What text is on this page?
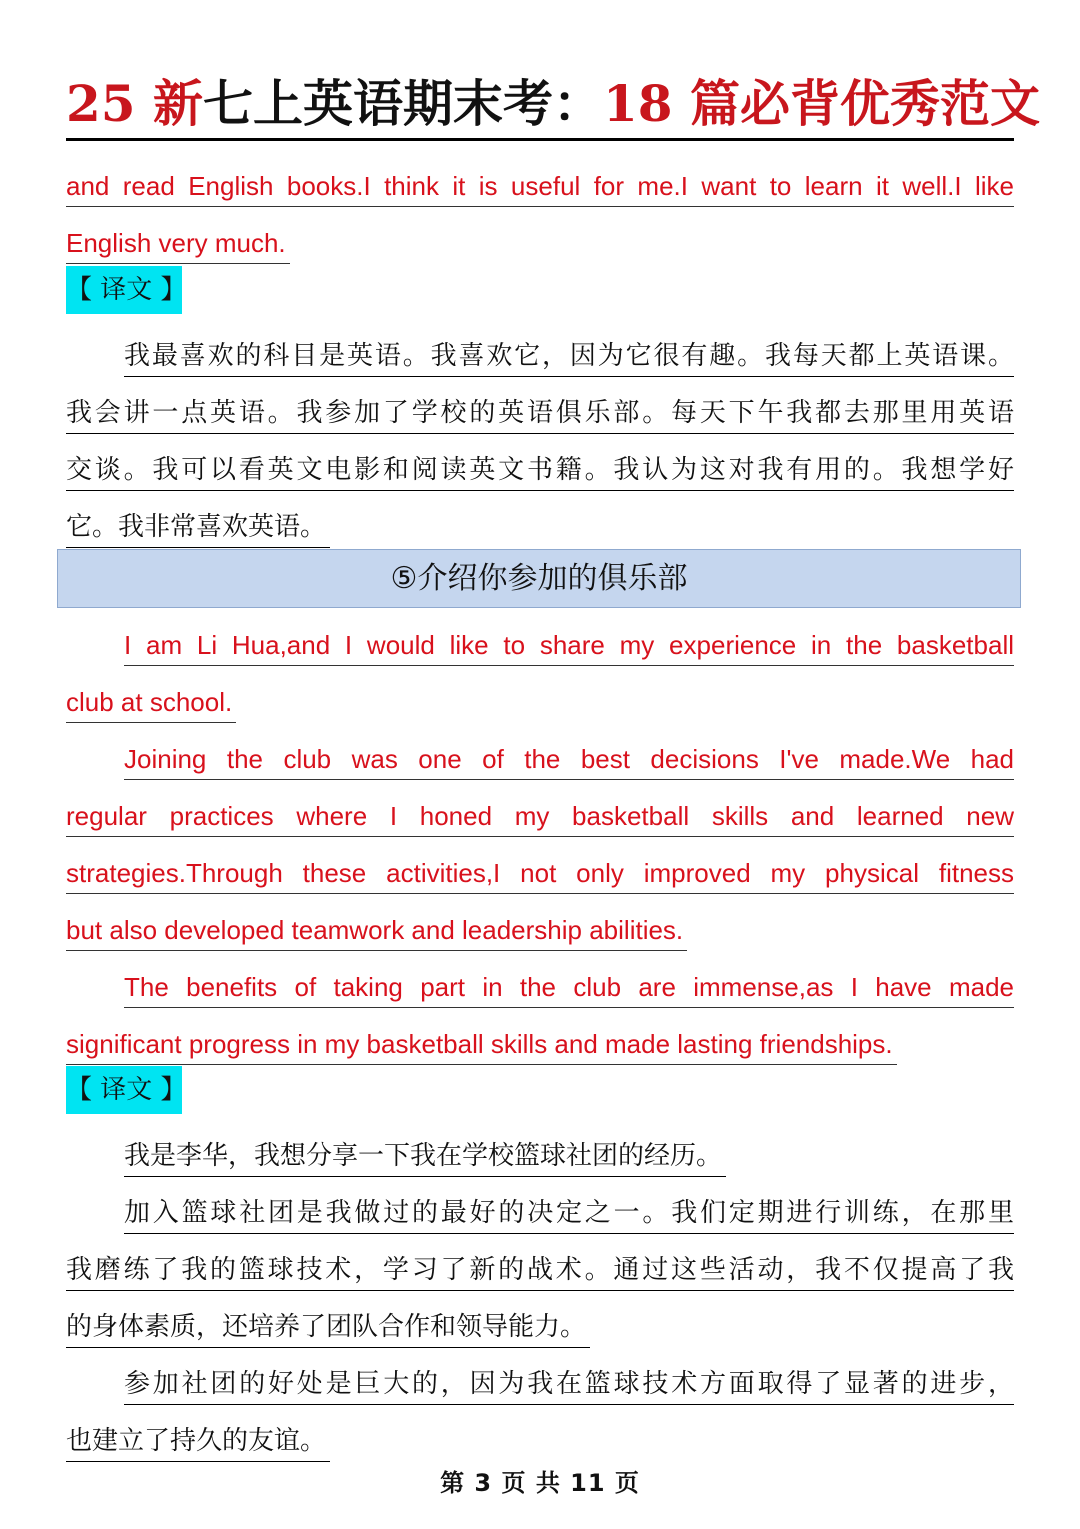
25 新七上英语期末考：18 篇必背优秀范文
and read English books.I think it is useful for me.I want to learn it well.I like
English very much.
【 译文 】
我最喜欢的科目是英语。我喜欢它，因为它很有趣。我每天都上英语课。
我会讲一点英语。我参加了学校的英语俱乐部。每天下午我都去那里用英语
交谈。我可以看英文电影和阅读英文书籍。我认为这对我有用的。我想学好
它。我非常喜欢英语。
⑤介绍你参加的俱乐部
I am Li Hua,and I would like to share my experience in the basketball
club at school.
Joining the club was one of the best decisions I've made.We had
regular practices where I honed my basketball skills and learned new
strategies.Through these activities,I not only improved my physical fitness
but also developed teamwork and leadership abilities.
The benefits of taking part in the club are immense,as I have made
significant progress in my basketball skills and made lasting friendships.
【 译文 】
我是李华，我想分享一下我在学校篮球社团的经历。
加入篮球社团是我做过的最好的决定之一。我们定期进行训练，在那里
我磨练了我的篮球技术，学习了新的战术。通过这些活动，我不仅提高了我
的身体素质，还培养了团队合作和领导能力。
参加社团的好处是巨大的，因为我在篮球技术方面取得了显著的进步，
也建立了持久的友谊。
第 3 页 共 11 页
